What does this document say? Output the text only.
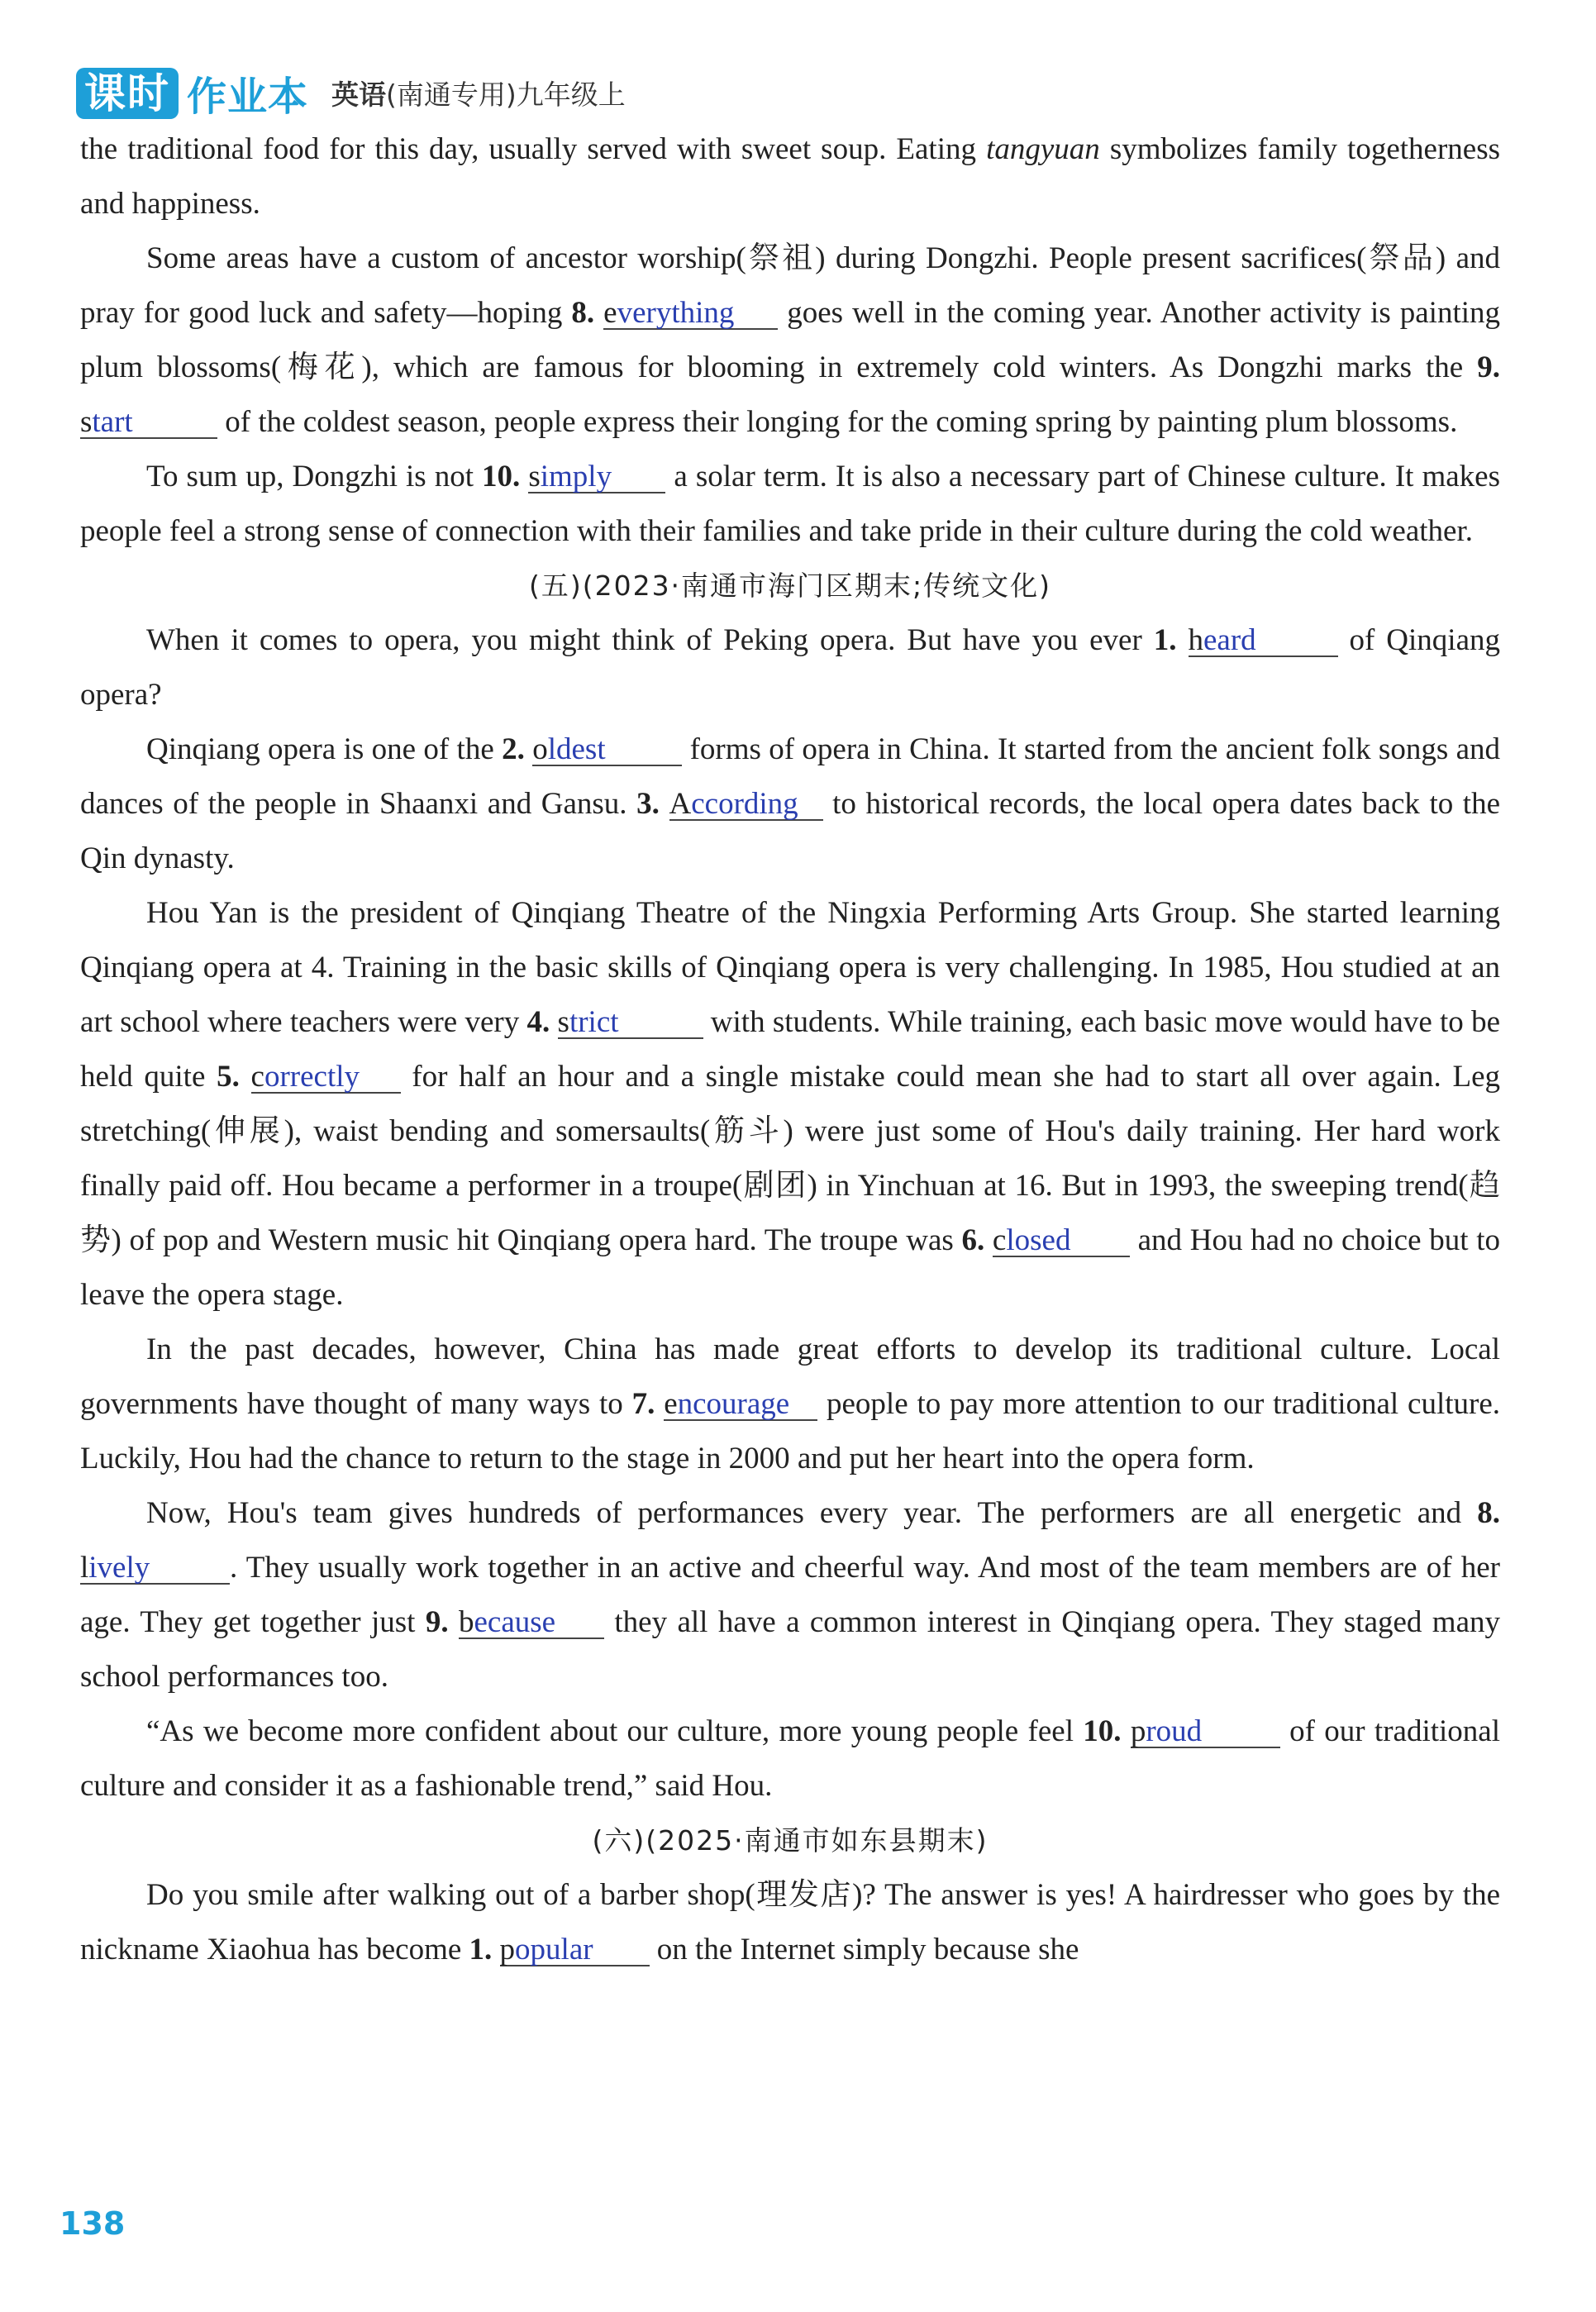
课时 作业本 英语(南通专用)九年级上

the traditional food for this day, usually served with sweet soup. Eating tangyuan symbolizes family togetherness and happiness.

Some areas have a custom of ancestor worship(祭祖) during Dongzhi. People present sacrifices(祭品) and pray for good luck and safety—hoping 8. everything goes well in the coming year. Another activity is painting plum blossoms(梅花), which are famous for blooming in extremely cold winters. As Dongzhi marks the 9. start	of the coldest season, people express their longing for the coming spring by painting plum blossoms.

To sum up, Dongzhi is not 10. simply a solar term. It is also a necessary part of Chinese culture. It makes people feel a strong sense of connection with their families and take pride in their culture during the cold weather.

(五)(2023·南通市海门区期末;传统文化)

When it comes to opera, you might think of Peking opera. But have you ever 1. heard	of Qinqiang opera?

Qinqiang opera is one of the 2. oldest	forms of opera in China. It started from the ancient folk songs and dances of the people in Shaanxi and Gansu. 3. According to historical records, the local opera dates back to the Qin dynasty.

Hou Yan is the president of Qinqiang Theatre of the Ningxia Performing Arts Group. She started learning Qinqiang opera at 4. Training in the basic skills of Qinqiang opera is very challenging. In 1985, Hou studied at an art school where teachers were very 4. strict	with students. While training, each basic move would have to be held quite 5. correctly for half an hour and a single mistake could mean she had to start all over again. Leg stretching(伸展), waist bending and somersaults(筋斗) were just some of Hou's daily training. Her hard work finally paid off. Hou became a performer in a troupe(剧团) in Yinchuan at 16. But in 1993, the sweeping trend(趋势) of pop and Western music hit Qinqiang opera hard. The troupe was 6. closed and Hou had no choice but to leave the opera stage.

In the past decades, however, China has made great efforts to develop its traditional culture. Local governments have thought of many ways to 7. encourage people to pay more attention to our traditional culture. Luckily, Hou had the chance to return to the stage in 2000 and put her heart into the opera form.

Now, Hou's team gives hundreds of performances every year. The performers are all energetic and 8. lively	. They usually work together in an active and cheerful way. And most of the team members are of her age. They get together just 9. because they all have a common interest in Qinqiang opera. They staged many school performances too.

“As we become more confident about our culture, more young people feel 10. proud	of our traditional culture and consider it as a fashionable trend,” said Hou.

(六)(2025·南通市如东县期末)

Do you smile after walking out of a barber shop(理发店)? The answer is yes! A hairdresser who goes by the nickname Xiaohua has become 1. popular on the Internet simply because she

138
